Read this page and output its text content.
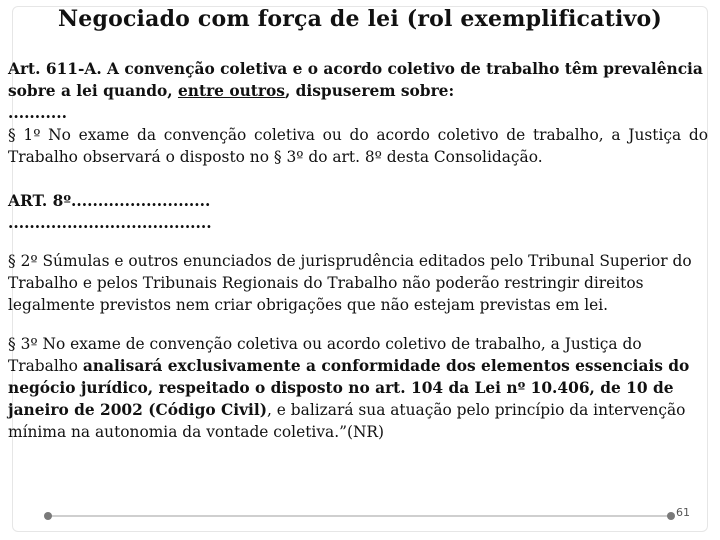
Negociado com força de lei (rol exemplificativo)

Art. 611-A. A convenção coletiva e o acordo coletivo de trabalho têm prevalência sobre a lei quando, entre outros, dispuserem sobre:

...........

§ 1º No exame da convenção coletiva ou do acordo coletivo de trabalho, a Justiça do Trabalho observará o disposto no § 3º do art. 8º desta Consolidação.

ART. 8º..........................

......................................

§ 2º Súmulas e outros enunciados de jurisprudência editados pelo Tribunal Superior do Trabalho e pelos Tribunais Regionais do Trabalho não poderão restringir direitos legalmente previstos nem criar obrigações que não estejam previstas em lei.

§ 3º No exame de convenção coletiva ou acordo coletivo de trabalho, a Justiça do Trabalho analisará exclusivamente a conformidade dos elementos essenciais do negócio jurídico, respeitado o disposto no art. 104 da Lei nº 10.406, de 10 de janeiro de 2002 (Código Civil), e balizará sua atuação pelo princípio da intervenção mínima na autonomia da vontade coletiva.”(NR)

61
